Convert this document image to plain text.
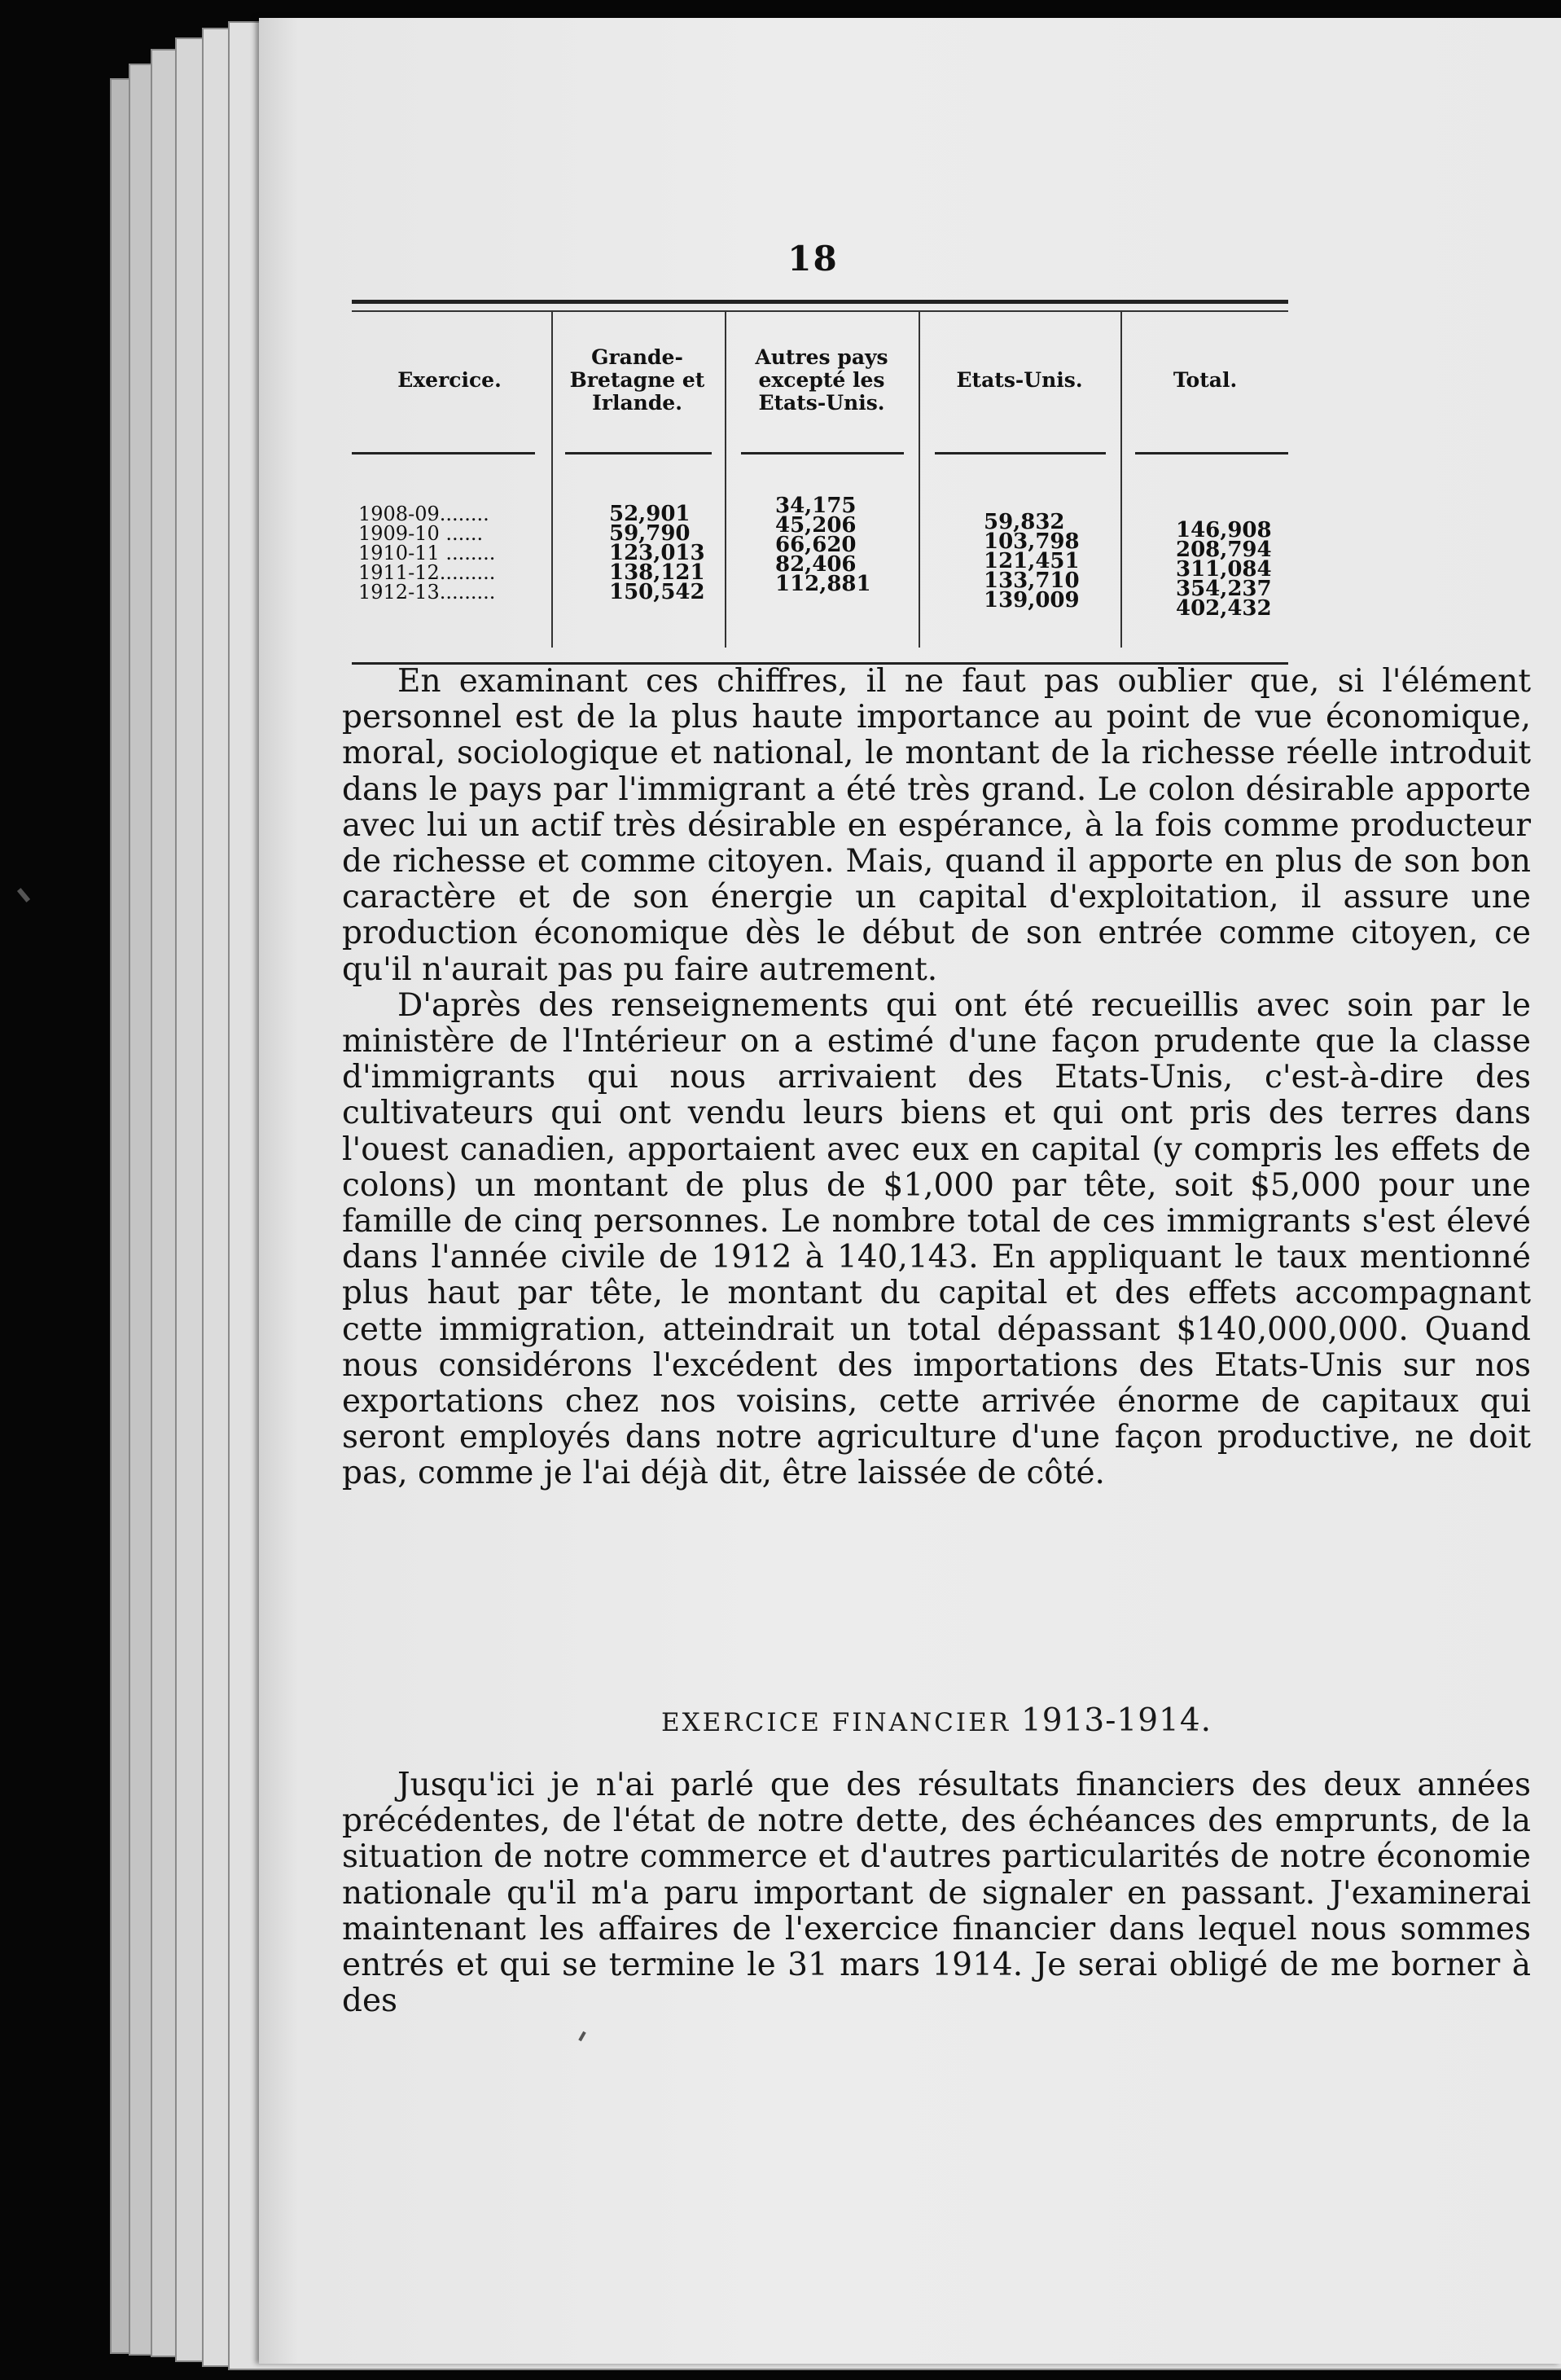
18
Exercice.
Grande-
Bretagne et
Irlande.
Autres pays
excepté les
Etats-Unis.
Etats-Unis.	Total.
1908-09........
1909-10 ......
1910-11 ........
1911-12.........
1912-13.........
52,901
59,790
123,013
138,121
150,542
34,175
45,206
66,620
82,406
112,881
59,832
103,798
121,451
133,710
139,009
146,908
208,794
311,084
354,237
402,432

En examinant ces chiffres, il ne faut pas oublier que, si l'élément personnel est de la plus haute importance au point de vue économique, moral, sociologique et national, le montant de la richesse réelle introduit dans le pays par l'immigrant a été très grand. Le colon désirable apporte avec lui un actif très désirable en espérance, à la fois comme producteur de richesse et comme citoyen. Mais, quand il apporte en plus de son bon caractère et de son énergie un capital d'exploitation, il assure une production économique dès le début de son entrée comme citoyen, ce qu'il n'aurait pas pu faire autrement.

D'après des renseignements qui ont été recueillis avec soin par le ministère de l'Intérieur on a estimé d'une façon prudente que la classe d'immigrants qui nous arrivaient des Etats-Unis, c'est-à-dire des cultivateurs qui ont vendu leurs biens et qui ont pris des terres dans l'ouest canadien, apportaient avec eux en capital (y compris les effets de colons) un montant de plus de $1,000 par tête, soit $5,000 pour une famille de cinq personnes. Le nombre total de ces immigrants s'est élevé dans l'année civile de 1912 à 140,143. En appliquant le taux mentionné plus haut par tête, le montant du capital et des effets accompagnant cette immigration, atteindrait un total dépassant $140,000,000. Quand nous considérons l'excédent des importations des Etats-Unis sur nos exportations chez nos voisins, cette arrivée énorme de capitaux qui seront employés dans notre agriculture d'une façon productive, ne doit pas, comme je l'ai déjà dit, être laissée de côté.

EXERCICE FINANCIER 1913-1914.

Jusqu'ici je n'ai parlé que des résultats financiers des deux années précédentes, de l'état de notre dette, des échéances des emprunts, de la situation de notre commerce et d'autres particularités de notre économie nationale qu'il m'a paru important de signaler en passant. J'examinerai maintenant les affaires de l'exercice financier dans lequel nous sommes entrés et qui se termine le 31 mars 1914. Je serai obligé de me borner à des
